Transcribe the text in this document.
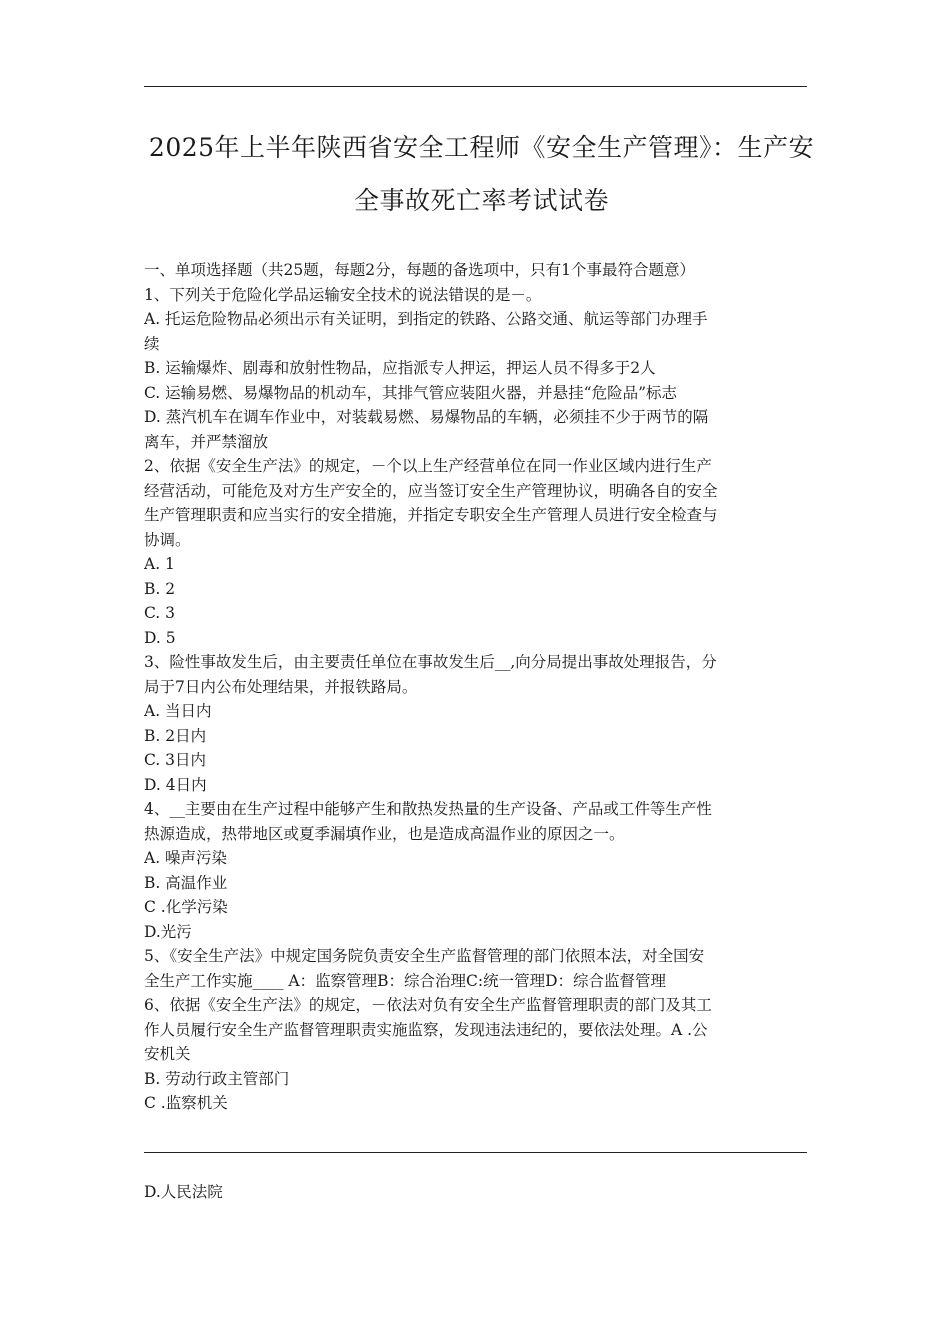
2025年上半年陕西省安全工程师《安全生产管理》：生产安
全事故死亡率考试试卷
一、单项选择题（共25题，每题2分，每题的备选项中，只有1个事最符合题意）
1、下列关于危险化学品运输安全技术的说法错误的是－。
A. 托运危险物品必须出示有关证明，到指定的铁路、公路交通、航运等部门办理手
续
B. 运输爆炸、剧毒和放射性物品，应指派专人押运，押运人员不得多于2人
C. 运输易燃、易爆物品的机动车，其排气管应装阻火器，并悬挂“危险品”标志
D. 蒸汽机车在调车作业中，对装载易燃、易爆物品的车辆，必须挂不少于两节的隔
离车，并严禁溜放
2、依据《安全生产法》的规定，－个以上生产经营单位在同一作业区域内进行生产
经营活动，可能危及对方生产安全的，应当签订安全生产管理协议，明确各自的安全
生产管理职责和应当实行的安全措施，并指定专职安全生产管理人员进行安全检查与
协调。
A. 1
B. 2
C. 3
D. 5
3、险性事故发生后，由主要责任单位在事故发生后__,向分局提出事故处理报告，分
局于7日内公布处理结果，并报铁路局。
A. 当日内
B. 2日内
C. 3日内
D. 4日内
4、__主要由在生产过程中能够产生和散热发热量的生产设备、产品或工件等生产性
热源造成，热带地区或夏季漏填作业，也是造成高温作业的原因之一。
A. 噪声污染
B. 高温作业
C .化学污染
D.光污
5、《安全生产法》中规定国务院负责安全生产监督管理的部门依照本法，对全国安
全生产工作实施____ A：监察管理B：综合治理C:统一管理D：综合监督管理
6、依据《安全生产法》的规定，－依法对负有安全生产监督管理职责的部门及其工
作人员履行安全生产监督管理职责实施监察，发现违法违纪的，要依法处理。A .公
安机关
B. 劳动行政主管部门
C .监察机关
D.人民法院
